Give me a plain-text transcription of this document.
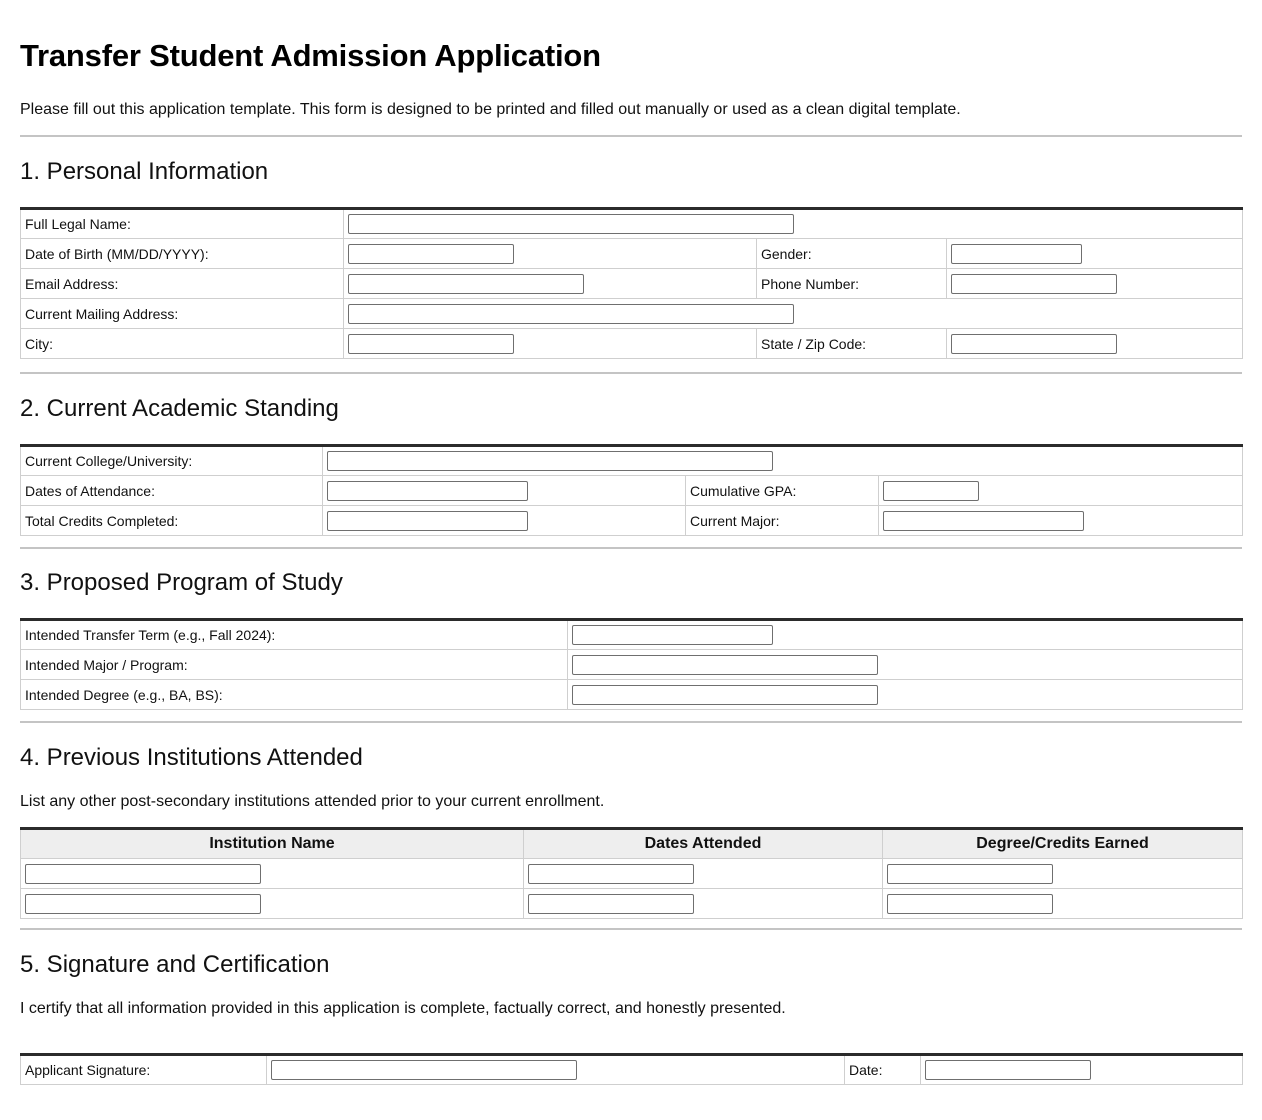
Transfer Student Admission Application

Please fill out this application template. This form is designed to be printed and filled out manually or used as a clean digital template.

1. Personal Information
Full Legal Name:	

Date of Birth (MM/DD/YYYY):		Gender:	

Email Address:		Phone Number:	

Current Mailing Address:	

City:		State / Zip Code:	
2. Current Academic Standing
Current College/University:	

Dates of Attendance:		Cumulative GPA:	

Total Credits Completed:		Current Major:	
3. Proposed Program of Study
Intended Transfer Term (e.g., Fall 2024):	

Intended Major / Program:	

Intended Degree (e.g., BA, BS):	
4. Previous Institutions Attended

List any other post-secondary institutions attended prior to your current enrollment.

Institution Name	Dates Attended	Degree/Credits Earned

5. Signature and Certification

I certify that all information provided in this application is complete, factually correct, and honestly presented.

Applicant Signature:		Date:	
